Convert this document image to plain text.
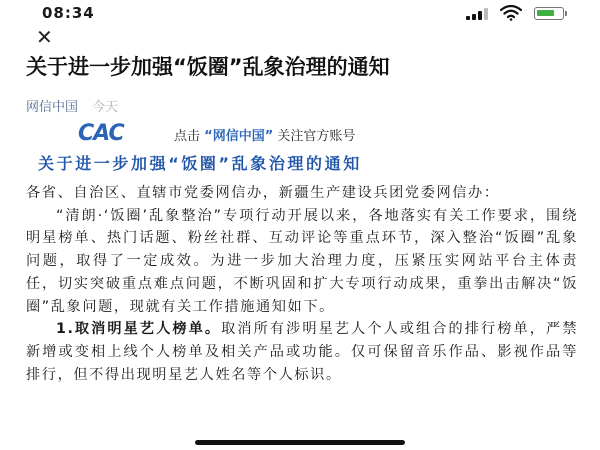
08:34
✕
关于进一步加强“饭圈”乱象治理的通知
网信中国 今天
CAC	点击 “网信中国” 关注官方账号
关于进一步加强“饭圈”乱象治理的通知

各省、自治区、直辖市党委网信办，新疆生产建设兵团党委网信办：

“清朗·‘饭圈’乱象整治”专项行动开展以来，各地落实有关工作要求，围绕明星榜单、热门话题、粉丝社群、互动评论等重点环节，深入整治“饭圈”乱象问题，取得了一定成效。为进一步加大治理力度，压紧压实网站平台主体责任，切实突破重点难点问题，不断巩固和扩大专项行动成果，重拳出击解决“饭圈”乱象问题，现就有关工作措施通知如下。

1.取消明星艺人榜单。取消所有涉明星艺人个人或组合的排行榜单，严禁新增或变相上线个人榜单及相关产品或功能。仅可保留音乐作品、影视作品等排行，但不得出现明星艺人姓名等个人标识。
